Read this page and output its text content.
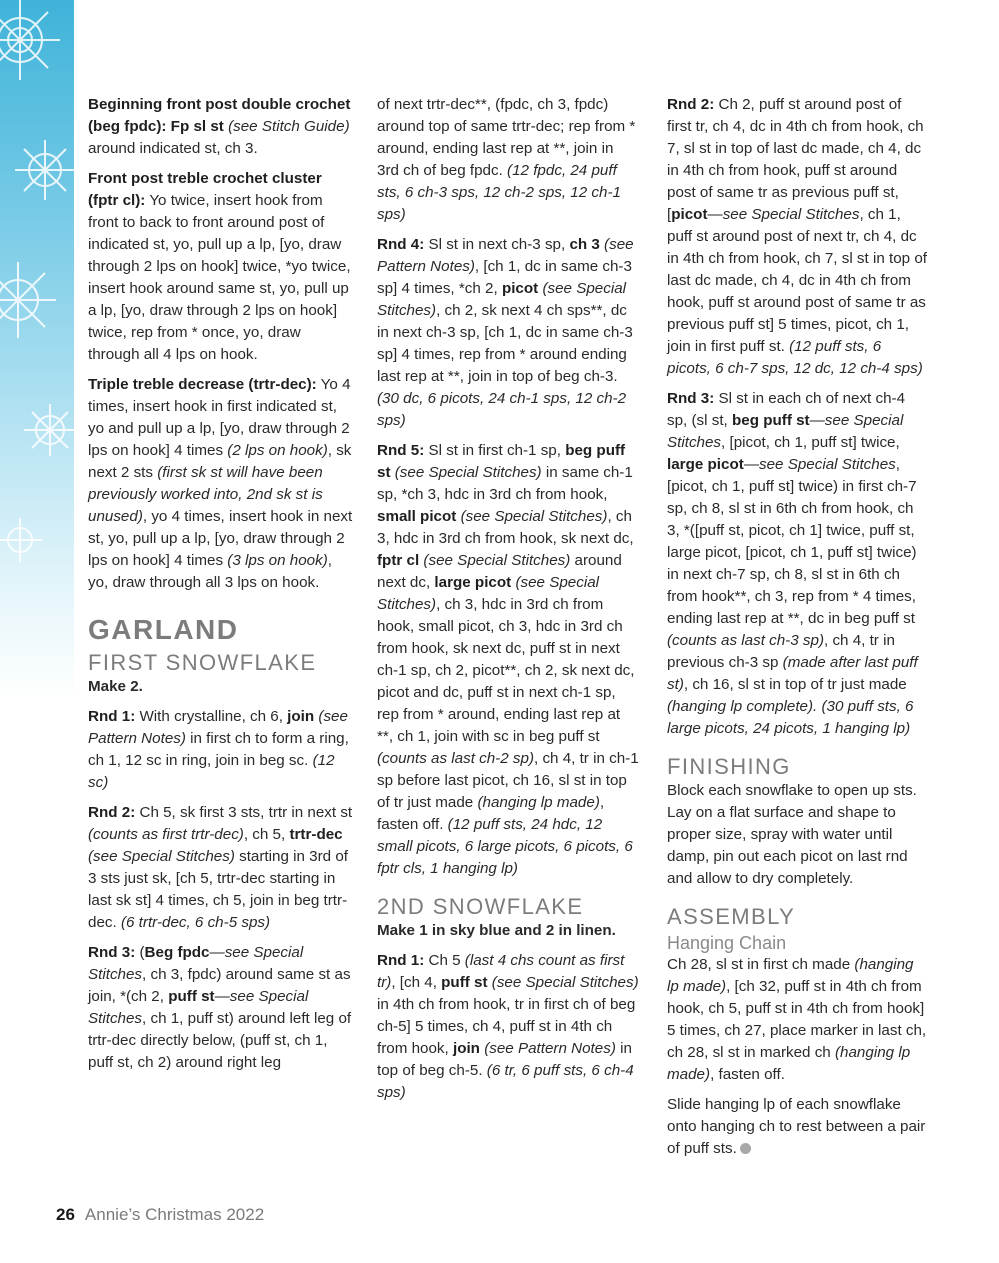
Beginning front post double crochet (beg fpdc): Fp sl st (see Stitch Guide) around indicated st, ch 3.

Front post treble crochet cluster (fptr cl): Yo twice, insert hook from front to back to front around post of indicated st, yo, pull up a lp, [yo, draw through 2 lps on hook] twice, *yo twice, insert hook around same st, yo, pull up a lp, [yo, draw through 2 lps on hook] twice, rep from * once, yo, draw through all 4 lps on hook.

Triple treble decrease (trtr-dec): Yo 4 times, insert hook in first indicated st, yo and pull up a lp, [yo, draw through 2 lps on hook] 4 times (2 lps on hook), sk next 2 sts (first sk st will have been previously worked into, 2nd sk st is unused), yo 4 times, insert hook in next st, yo, pull up a lp, [yo, draw through 2 lps on hook] 4 times (3 lps on hook), yo, draw through all 3 lps on hook.

GARLAND
FIRST SNOWFLAKE

Make 2.

Rnd 1: With crystalline, ch 6, join (see Pattern Notes) in first ch to form a ring, ch 1, 12 sc in ring, join in beg sc. (12 sc)

Rnd 2: Ch 5, sk first 3 sts, trtr in next st (counts as first trtr-dec), ch 5, trtr-dec (see Special Stitches) starting in 3rd of 3 sts just sk, [ch 5, trtr-dec starting in last sk st] 4 times, ch 5, join in beg trtr-dec. (6 trtr-dec, 6 ch-5 sps)

Rnd 3: (Beg fpdc—see Special Stitches, ch 3, fpdc) around same st as join, *(ch 2, puff st—see Special Stitches, ch 1, puff st) around left leg of trtr-dec directly below, (puff st, ch 1, puff st, ch 2) around right leg

of next trtr-dec**, (fpdc, ch 3, fpdc) around top of same trtr-dec; rep from * around, ending last rep at **, join in 3rd ch of beg fpdc. (12 fpdc, 24 puff sts, 6 ch-3 sps, 12 ch-2 sps, 12 ch-1 sps)

Rnd 4: Sl st in next ch-3 sp, ch 3 (see Pattern Notes), [ch 1, dc in same ch-3 sp] 4 times, *ch 2, picot (see Special Stitches), ch 2, sk next 4 ch sps**, dc in next ch-3 sp, [ch 1, dc in same ch-3 sp] 4 times, rep from * around ending last rep at **, join in top of beg ch-3. (30 dc, 6 picots, 24 ch-1 sps, 12 ch-2 sps)

Rnd 5: Sl st in first ch-1 sp, beg puff st (see Special Stitches) in same ch-1 sp, *ch 3, hdc in 3rd ch from hook, small picot (see Special Stitches), ch 3, hdc in 3rd ch from hook, sk next dc, fptr cl (see Special Stitches) around next dc, large picot (see Special Stitches), ch 3, hdc in 3rd ch from hook, small picot, ch 3, hdc in 3rd ch from hook, sk next dc, puff st in next ch-1 sp, ch 2, picot**, ch 2, sk next dc, picot and dc, puff st in next ch-1 sp, rep from * around, ending last rep at **, ch 1, join with sc in beg puff st (counts as last ch-2 sp), ch 4, tr in ch-1 sp before last picot, ch 16, sl st in top of tr just made (hanging lp made), fasten off. (12 puff sts, 24 hdc, 12 small picots, 6 large picots, 6 picots, 6 fptr cls, 1 hanging lp)

2ND SNOWFLAKE

Make 1 in sky blue and 2 in linen.

Rnd 1: Ch 5 (last 4 chs count as first tr), [ch 4, puff st (see Special Stitches) in 4th ch from hook, tr in first ch of beg ch-5] 5 times, ch 4, puff st in 4th ch from hook, join (see Pattern Notes) in top of beg ch-5. (6 tr, 6 puff sts, 6 ch-4 sps)

Rnd 2: Ch 2, puff st around post of first tr, ch 4, dc in 4th ch from hook, ch 7, sl st in top of last dc made, ch 4, dc in 4th ch from hook, puff st around post of same tr as previous puff st, [picot—see Special Stitches, ch 1, puff st around post of next tr, ch 4, dc in 4th ch from hook, ch 7, sl st in top of last dc made, ch 4, dc in 4th ch from hook, puff st around post of same tr as previous puff st] 5 times, picot, ch 1, join in first puff st. (12 puff sts, 6 picots, 6 ch-7 sps, 12 dc, 12 ch-4 sps)

Rnd 3: Sl st in each ch of next ch-4 sp, (sl st, beg puff st—see Special Stitches, [picot, ch 1, puff st] twice, large picot—see Special Stitches, [picot, ch 1, puff st] twice) in first ch-7 sp, ch 8, sl st in 6th ch from hook, ch 3, *([puff st, picot, ch 1] twice, puff st, large picot, [picot, ch 1, puff st] twice) in next ch-7 sp, ch 8, sl st in 6th ch from hook**, ch 3, rep from * 4 times, ending last rep at **, dc in beg puff st (counts as last ch-3 sp), ch 4, tr in previous ch-3 sp (made after last puff st), ch 16, sl st in top of tr just made (hanging lp complete). (30 puff sts, 6 large picots, 24 picots, 1 hanging lp)

FINISHING

Block each snowflake to open up sts. Lay on a flat surface and shape to proper size, spray with water until damp, pin out each picot on last rnd and allow to dry completely.

ASSEMBLY
Hanging Chain

Ch 28, sl st in first ch made (hanging lp made), [ch 32, puff st in 4th ch from hook, ch 5, puff st in 4th ch from hook] 5 times, ch 27, place marker in last ch, ch 28, sl st in marked ch (hanging lp made), fasten off.

Slide hanging lp of each snowflake onto hanging ch to rest between a pair of puff sts.

26 Annie’s Christmas 2022
